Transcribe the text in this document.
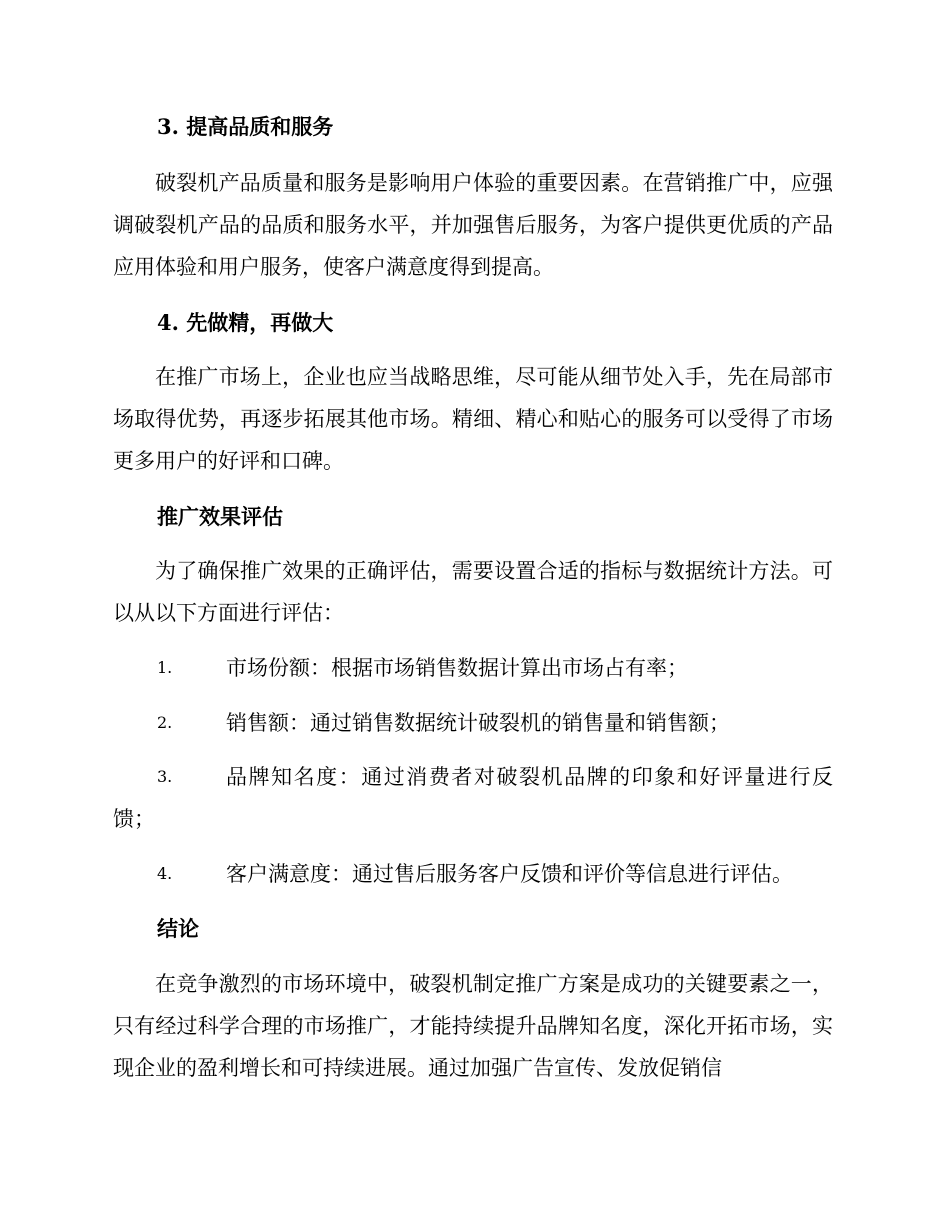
3. 提高品质和服务

破裂机产品质量和服务是影响用户体验的重要因素。在营销推广中，应强调破裂机产品的品质和服务水平，并加强售后服务，为客户提供更优质的产品应用体验和用户服务，使客户满意度得到提高。

4. 先做精，再做大

在推广市场上，企业也应当战略思维，尽可能从细节处入手，先在局部市场取得优势，再逐步拓展其他市场。精细、精心和贴心的服务可以受得了市场更多用户的好评和口碑。

推广效果评估

为了确保推广效果的正确评估，需要设置合适的指标与数据统计方法。可以从以下方面进行评估：

1.	市场份额：根据市场销售数据计算出市场占有率；
2.	销售额：通过销售数据统计破裂机的销售量和销售额；
3.	品牌知名度：通过消费者对破裂机品牌的印象和好评量进行反馈；
4.	客户满意度：通过售后服务客户反馈和评价等信息进行评估。
结论

在竞争激烈的市场环境中，破裂机制定推广方案是成功的关键要素之一，只有经过科学合理的市场推广，才能持续提升品牌知名度，深化开拓市场，实现企业的盈利增长和可持续进展。通过加强广告宣传、发放促销信
